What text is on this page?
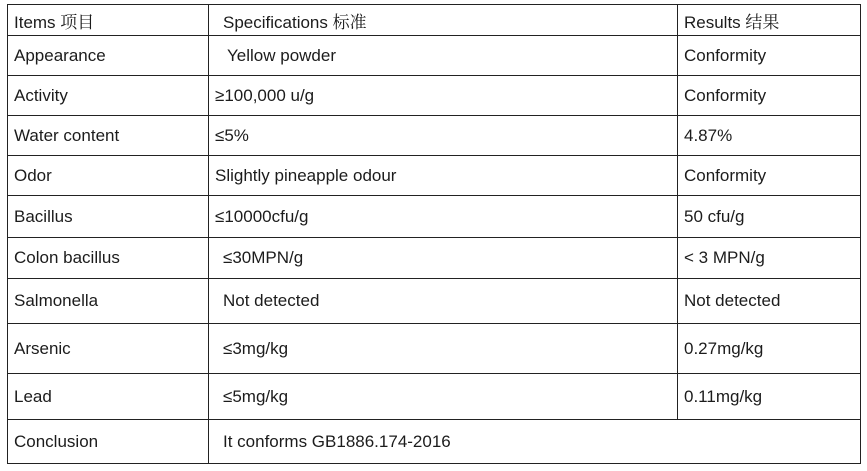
Items 项目	Specifications 标准	Results 结果
Appearance	Yellow powder	Conformity
Activity	≥100,000 u/g	Conformity
Water content	≤5%	4.87%
Odor	Slightly pineapple odour	Conformity
Bacillus	≤10000cfu/g	50 cfu/g
Colon bacillus	≤30MPN/g	< 3 MPN/g
Salmonella	Not detected	Not detected
Arsenic	≤3mg/kg	0.27mg/kg
Lead	≤5mg/kg	0.11mg/kg
Conclusion	It conforms GB1886.174-2016	
